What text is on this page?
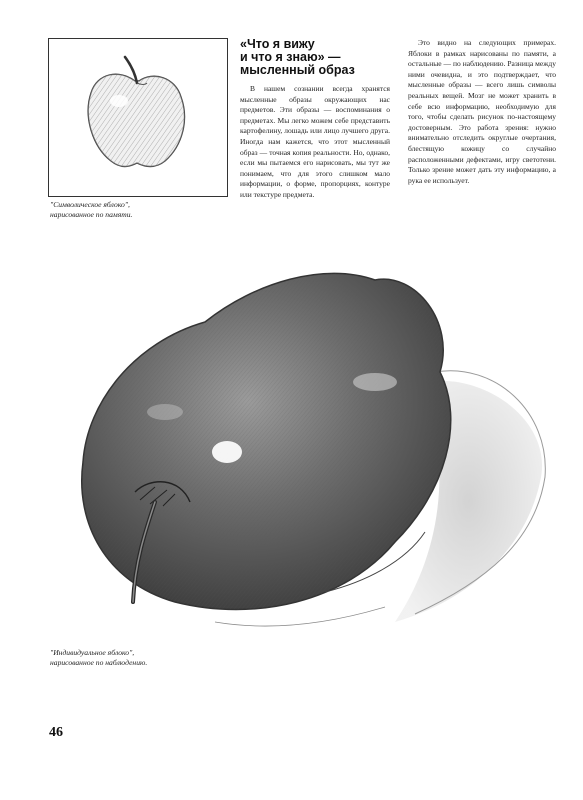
"Символическое яблоко",
нарисованное по памяти.
«Что я вижу
и что я знаю» —
мысленный образ

В нашем сознании всегда хранятся мысленные образы окружающих нас предметов. Эти образы — воспоминания о предметах. Мы легко можем себе представить картофелину, лошадь или лицо лучшего друга. Иногда нам кажется, что этот мысленный образ — точная копия реальности. Но, однако, если мы пытаемся его нарисовать, мы тут же понимаем, что для этого слишком мало информации, о форме, пропорциях, контуре или текстуре предмета.

Это видно на следующих примерах. Яблоки в рамках нарисованы по памяти, а остальные — по наблюдению. Разница между ними очевидна, и это подтверждает, что мысленные образы — всего лишь символы реальных вещей. Мозг не может хранить в себе всю информацию, необходимую для того, чтобы сделать рисунок по-настоящему достоверным. Это работа зрения: нужно внимательно отследить округлые очертания, блестящую кожицу со случайно расположенными дефектами, игру светотени. Только зрение может дать эту информацию, а рука ее использует.

"Индивидуальное яблоко",
нарисованное по наблюдению.
46
